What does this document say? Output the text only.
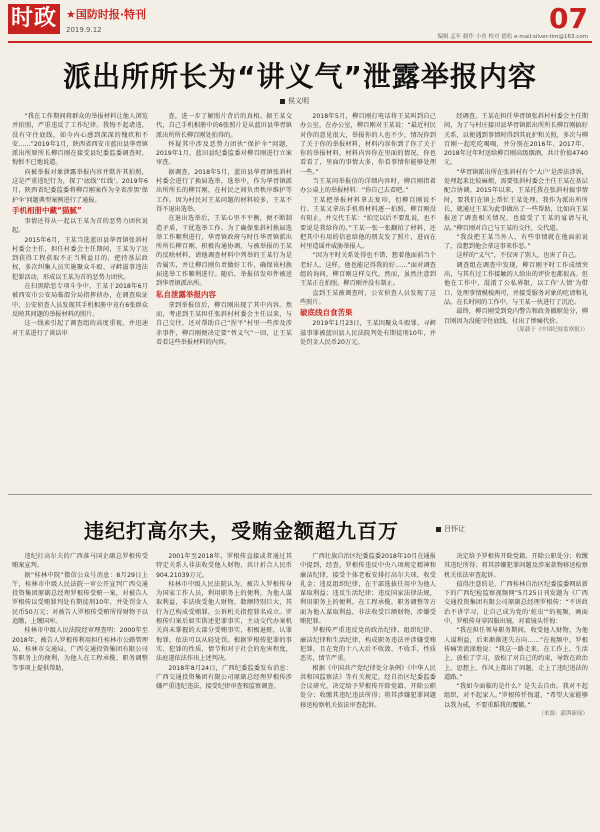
时政 ★国防时报·特刊
2019.9.12	07
编辑 孟年 制作 小鱼 校对 德松 e-mail:silver-tim@163.com
派出所所长为“讲义气”泄露举报内容
侯义明

“我在工作期间将群众的举报材料让他人浏览并拍照，严重违反了工作纪律。我悔不起诸违，没有守住底线，如今内心感到深深的愧疚和不安……”2019年1月，陕西省西安市蓝田县华胥镇派出所原所长柳百刚在接受县纪委监委调查时，悔恨不已地说道。

向被举报对象泄露举报内容并默许其拍照，这是严重违纪行为，探了‘底线’‘红线’。2019年6月，陕西省纪委监委将柳百刚案作为全省涉黑‘保护伞’问题典型案例进行了通报。

手机相册中藏“猫腻”

事情还得从一起以王某为首的恶势力团伙说起。

2015年6月，王某当选蓝田县华胥镇张斜村村委会主任，担任村委会主任期间，王某为了达到获得工程获取不正当利益目的，把持基层政权，多次纠集人员实施聚众斗殴、寻衅滋事违法犯罪活动，形成以王某为首的恶势力团伙。

在扫黑除恶专项斗争中，王某于2018年6月被西安市公安局临渭分局指挥侦办，在调查取证中，公安侦查人员发现其手机相册中竟有6张群众反映其问题的举报材料的照片。

这一线索引起了调查组的高度重视，并迅速对王某进行了谈话审

查，进一步了解照片背后的真相。据王某交代，自己手机相册中的6张照片是从蓝田县华胥镇派出所所长柳百刚处拍得的。

怀疑其中涉及恶势力团伙“保护伞”问题，2019年1月，蓝田县纪委监委对柳百刚进行立案审查。

据调查，2018年5月，蓝田县华胥镇张斜村村委会进行了换届选举，选举中，作为华胥镇派出所所长的柳百刚，在村民之间负责秩序维护等工作。因为村民对王某问题的材料较多，王某不得不退出选举。

在退出选举后，王某心里不平衡，便不断制造矛盾，干扰选举工作。为了确保张斜村换届选举工作顺利进行，华胥镇政府与时任华胥镇派出所所长柳百刚，积极沟通协调，与被举报的王某的反映材料，请他调查材料中列举的王某行为是否属实，并让柳百刚负责做好工作，确保该村换届选举工作顺利进行。随后，举报信发印件被送到华胥镇派出所。

私自泄露举报内容

拿到举报信后，柳百刚出现了其中内容。然而，考虑到王某担任张斜村村委会主任以来，与自己交往，还对帮助自己“捏平”村里一些涉及涉赤事件，柳百刚便决定要“替义气”一回，让王某看看这些举报材料的内容。

2018年5月，柳百刚打电话将王某叫到自己办公室，在办公室，柳百刚对王某说：“最近村民对你的意见很大，举报你的人也不少，情况你到了关于你的举报材料，材料内容你到了你了关于你的举报材料，材料内容你在里面的情况，你也看看了，里面的事情大多，你看事情你能够处理一些。”

当王某问举报信的详细内容时，柳百刚指着办公桌上的举报材料：“你自己去看吧。”

王某把举报材料拿去复印，但柳百刚说不行。王某又拿出手机将材料逐一拍照，柳百刚没有阻止，并交代王某：“拍完以后不要乱说，也不要说是我给你的。”王某一张一张翻拍了材料，还把其中有用的信息给他的朋友发了照片，进而在村里造谣并威胁举报人。

“因为平时关系处得也不错，想着他面前当个老好人，这样，他也能记得我的好……”面对调查组的询问，柳百刚这样交代。然而，虽然注意到王某正在拍照，柳百刚并没有制止。

直到王某被调查时，公安侦查人员发现了这些照片。

破底线自食苦果

2019年1月23日，王某因聚众斗殴罪、寻衅滋事罪被蓝田县人民法院判处有期徒刑10年，并处罚金人民币20万元。

经调查，王某在担任华胥镇张斜村村委会主任期间，为了与村庄接田县华胥镇派出所所长柳百刚搞好关系，以便遇到事情时得到其庇护和关照，多次与柳百刚一起吃吃喝喝，并分别在2016年、2017年、2018年过年时送给柳百刚高级烟酒，共计价值4740元。

“华胥镇派出所在张斜村有个‘大户’是涉法涉诉，处理起来比较麻烦，需要张斜村委会主任王某在基层配合协调。2015年以来，王某托我在张斜村搞事情时，要我们在镇上帮忙王某处理。我作为派出所所长，就通过王某为此事做出了一些帮助，比如向王某报送了调查相关情况，也接受了王某的宴请与礼品。”柳百刚对自己与王某的交往，交代道。

“我没把王某当外人，有些事情就在他面前说了，没想到他会拿这事来作恶。”

这样的“义气”，不仅害了别人，也害了自己。

调查组在调查中发现，柳百刚平时工作成绩突出，与其有过工作接触的人给出的评价也都很高。但他在工作中，混淆了公私界限，以工作‘人情’为借口，处理事情模棱两可，并接受服务对象的吃请和礼品。在长时间的工作中，与王某一伙进行了沉沦。

最终，柳百刚受到党内警告和政务撤职处分，柳百刚因为没能守住底线，付出了惨痛代价。

（原载于《中国纪检监察报》）
违纪打高尔夫，受贿金额超九百万	吕怀让

违纪打高尔夫的广西落马国企副总罗根传受贿案宣判。

据“桂林中院”微信公众号消息：8月29日上午，桂林市中级人民法院一审公开宣判广西交通投资集团原副总经理罗根传受贿一案，对被告人罗根传以受贿罪判处有期徒刑10年，并处罚金人民币50万元；对被告人罗根传受贿所得财物予以追缴，上缴国库。

桂林市中级人民法院经审理查明：2000年至2018年，被告人罗根传利用担任桂林市公路管理局、桂林市交通局、广西交通投资集团有限公司等职务上的便利，为他人在工程承揽、职务调整等事项上提供帮助，

2001年至2018年，罗根传直接或者通过其特定关系人非法收受他人财物，共计折合人民币904.21039万元。

桂林市中级人民法院认为，被告人罗根传身为国家工作人员，利用职务上的便利，为他人谋取利益，非法收受他人财物，数额特别巨大，其行为已构成受贿罪。公诉机关指控罪名成立。罗根传归案后如实供述犯罪事实，主动交代办案机关尚未掌握的大部分受贿事实，积极退赃，认罪悔罪，依法可以从轻处罚。根据罗根传犯罪的事实、犯罪的性质、情节和对于社会的危害程度，法庭遂依法作出上述判决。

2018年8月24日，广西纪委监委发布消息：广西交通投资集团有限公司原副总经理罗根传涉嫌严重违纪违法，接受纪律审查和监察调查。

广西壮族自治区纪委监委2018年10月在通报中提到，经查，罗根传违反中央八项规定精神和廉洁纪律，接受个体老板安排打高尔夫球，收受礼金；违反组织纪律，在干部选拔任用中为他人谋取利益；违反生活纪律；违反国家法律法规，利用职务上的便利，在工程承揽、职务调整等方面为他人谋取利益，非法收受巨额财物，涉嫌受贿犯罪。

罗根传严重违反党的政治纪律、组织纪律、廉洁纪律和生活纪律，构成职务违法并涉嫌受贿犯罪，且在党的十八大后不收敛、不收手，性质恶劣，情节严重。

根据《中国共产党纪律处分条例》《中华人民共和国监察法》等有关规定，经自治区纪委监委会议研究，决定给予罗根传开除党籍、开除公职处分；收缴其违纪违法所得；将其涉嫌犯罪问题移送检察机关依法审查起诉。

决定给予罗根传开除党籍、开除公职处分；收缴其违纪所得；将其涉嫌犯罪问题及涉案款物移送检察机关依法审查起诉。

值得注意的是，广西桂林自治区纪委监委网站新下的广西纪检监察视频网”5月25日刊发题为《广西交通投资集团有限公司原副总经理罗根传：“不讲政治不讲学习，让自己成为党的‘蛀虫’”的视频，画面中，罗根传身穿囚服出镜，对着镜头忏悔：

“我在担任领导职务期间，收受他人财物，为他人谋利益，后来渐渐迷失方向……”在视频中，罗根传痛哭流涕地说：“我这一路走来，在工作上、生活上，放松了学习，放松了对自己的约束，导致在政治上、思想上、作风上都出了问题，走上了违纪违法的道路。”

“我如今面临的是什么？是失去自由。我对不起组织，对不起家人。”罗根传忏悔道，“希望大家能够以我为戒，不要重蹈我的覆辙。”

（来源：澎湃新闻）
